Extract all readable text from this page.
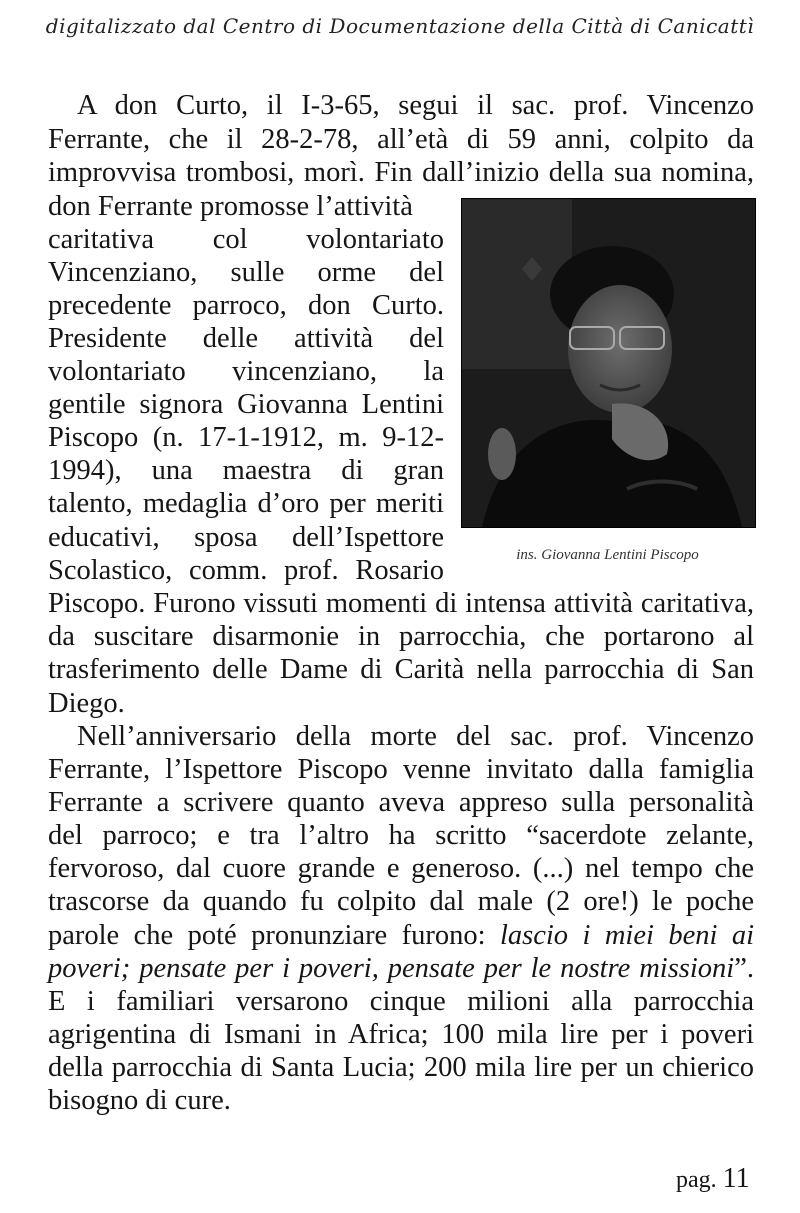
digitalizzato dal Centro di Documentazione della Città di Canicattì
A don Curto, il I-3-65, segui il sac. prof. Vincenzo
Ferrante, che il 28-2-78, all’età di 59 anni, colpito da
improvvisa trombosi, morì. Fin dall’inizio della sua nomina,
don Ferrante promosse l’attività
caritativa col volontariato
Vincenziano, sulle orme del
precedente parroco, don Curto.
Presidente delle attività del
volontariato vincenziano, la
gentile signora Giovanna Lentini
Piscopo (n. 17-1-1912, m. 9-12-
1994), una maestra di gran
talento, medaglia d’oro per meriti
educativi, sposa dell’Ispettore
Scolastico, comm. prof. Rosario	ins. Giovanna Lentini Piscopo
Piscopo. Furono vissuti momenti di intensa attività caritativa,
da suscitare disarmonie in parrocchia, che portarono al
trasferimento delle Dame di Carità nella parrocchia di San
Diego.
Nell’anniversario della morte del sac. prof. Vincenzo
Ferrante, l’Ispettore Piscopo venne invitato dalla famiglia
Ferrante a scrivere quanto aveva appreso sulla personalità
del parroco; e tra l’altro ha scritto “sacerdote zelante,
fervoroso, dal cuore grande e generoso. (...) nel tempo che
trascorse da quando fu colpito dal male (2 ore!) le poche
parole che poté pronunziare furono: lascio i miei beni ai
poveri; pensate per i poveri, pensate per le nostre missioni”.
E i familiari versarono cinque milioni alla parrocchia
agrigentina di Ismani in Africa; 100 mila lire per i poveri
della parrocchia di Santa Lucia; 200 mila lire per un chierico
bisogno di cure.
pag. 11
